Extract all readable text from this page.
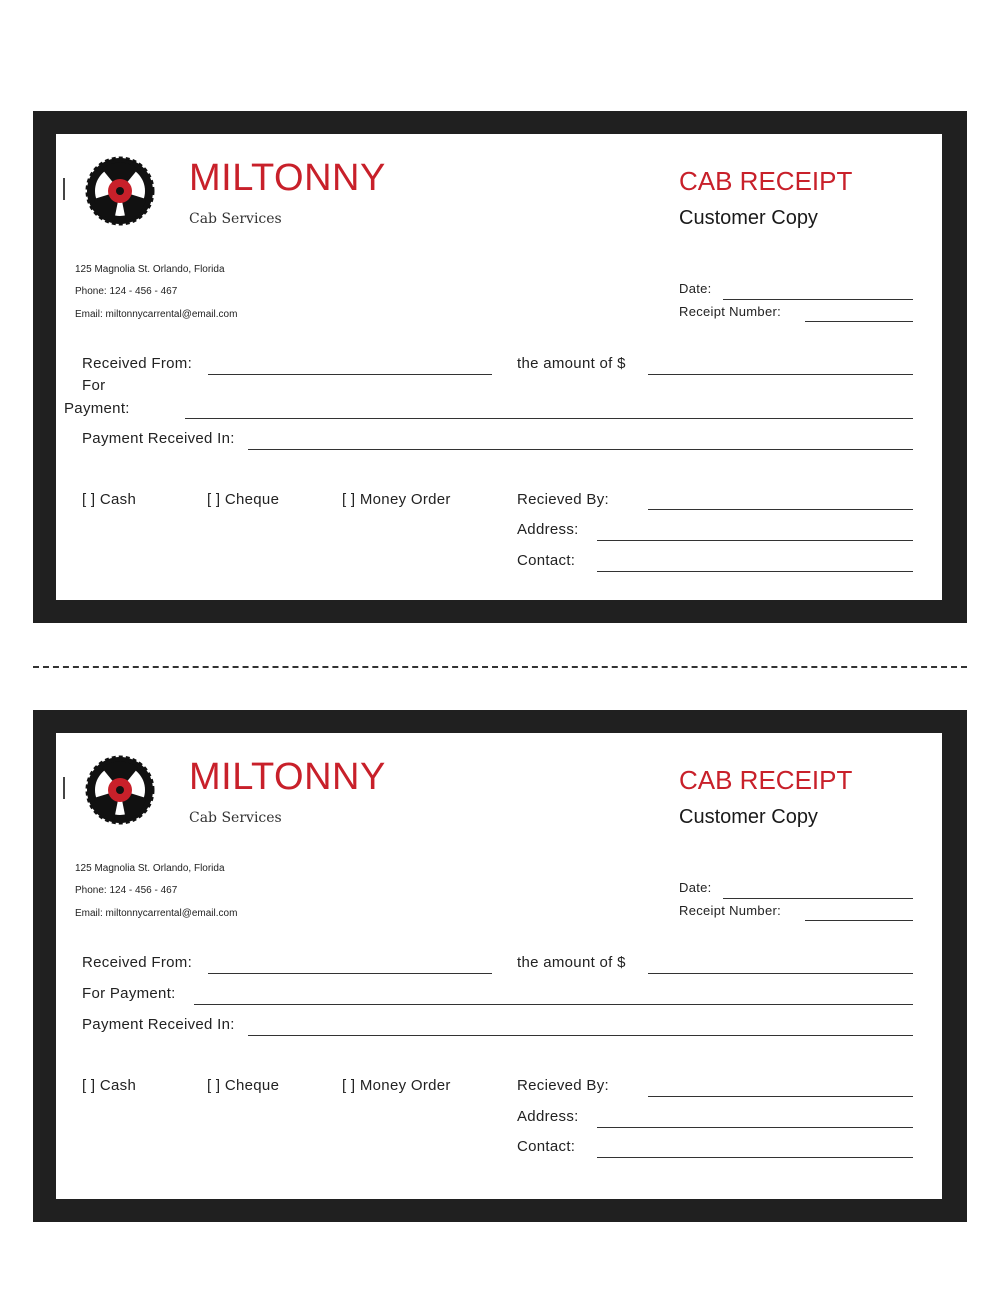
MILTONNY
Cab Services
CAB RECEIPT
Customer Copy
125 Magnolia St. Orlando, Florida
Phone: 124 - 456 - 467
Email: miltonnycarrental@email.com
Date:
Receipt Number:
Received From:	the amount of $
For
Payment:
Payment Received In:
[ ] Cash	[ ] Cheque	[ ] Money Order	Recieved By:
Address:
Contact:
MILTONNY
Cab Services
CAB RECEIPT
Customer Copy
125 Magnolia St. Orlando, Florida
Phone: 124 - 456 - 467
Email: miltonnycarrental@email.com
Date:
Receipt Number:
Received From:	the amount of $
For Payment:
Payment Received In:
[ ] Cash	[ ] Cheque	[ ] Money Order	Recieved By:
Address:
Contact:
